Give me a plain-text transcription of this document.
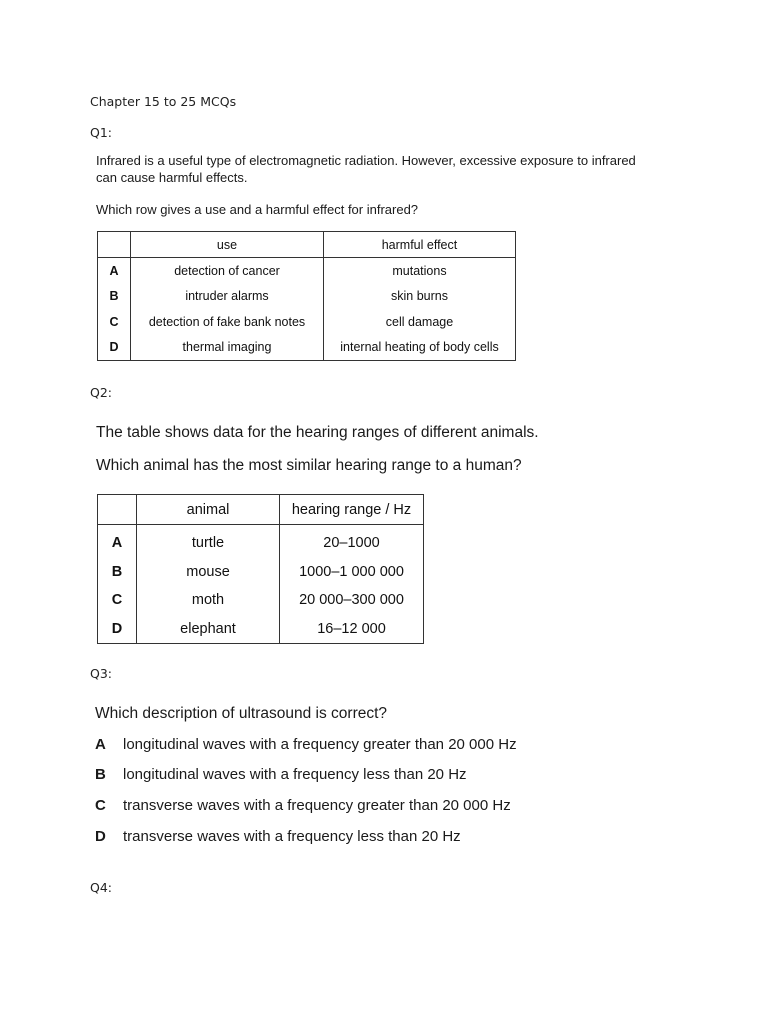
Chapter 15 to 25 MCQs
Q1:
Infrared is a useful type of electromagnetic radiation. However, excessive exposure to infrared
can cause harmful effects.
Which row gives a use and a harmful effect for infrared?
	use	harmful effect
A	detection of cancer	mutations
B	intruder alarms	skin burns
C	detection of fake bank notes	cell damage
D	thermal imaging	internal heating of body cells
Q2:
The table shows data for the hearing ranges of different animals.
Which animal has the most similar hearing range to a human?
	animal	hearing range / Hz
A	turtle	20–1000
B	mouse	1000–1 000 000
C	moth	20 000–300 000
D	elephant	16–12 000
Q3:
Which description of ultrasound is correct?
A longitudinal waves with a frequency greater than 20 000 Hz
B longitudinal waves with a frequency less than 20 Hz
C transverse waves with a frequency greater than 20 000 Hz
D transverse waves with a frequency less than 20 Hz
Q4:
